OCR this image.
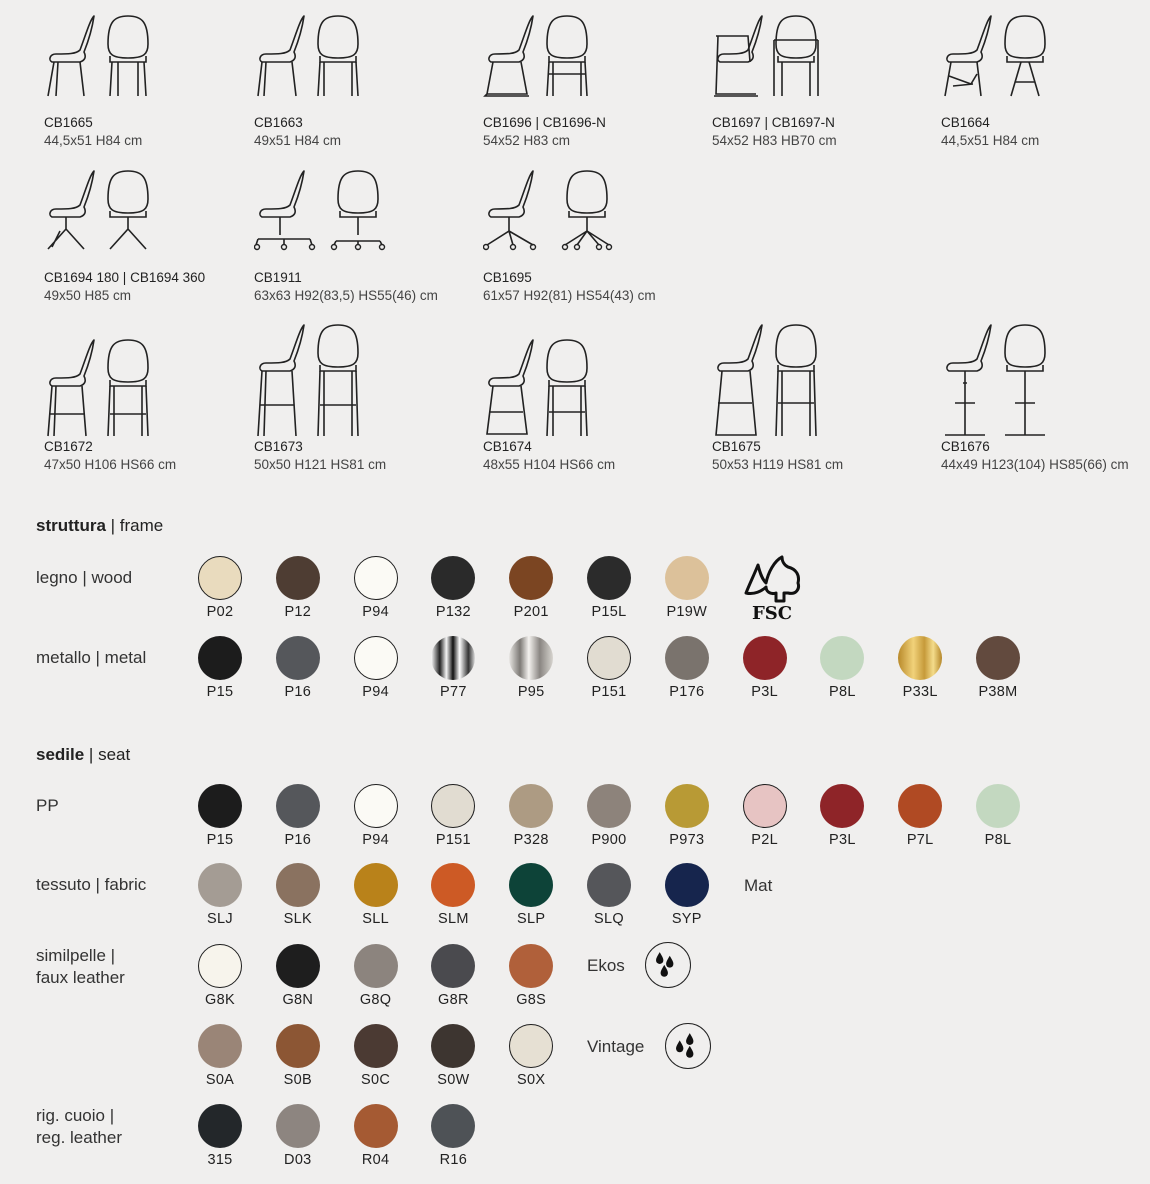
CB1665
44,5x51 H84 cm
CB1663
49x51 H84 cm
CB1696 | CB1696-N
54x52 H83 cm
CB1697 | CB1697-N
54x52 H83 HB70 cm
CB1664
44,5x51 H84 cm
CB1694 180 | CB1694 360
49x50 H85 cm
CB1911
63x63 H92(83,5) HS55(46) cm
CB1695
61x57 H92(81) HS54(43) cm
CB1672
47x50 H106 HS66 cm
CB1673
50x50 H121 HS81 cm
CB1674
48x55 H104 HS66 cm
CB1675
50x53 H119 HS81 cm
CB1676
44x49 H123(104) HS85(66) cm
struttura | frame
legno | wood
P02	P12	P94	P132	P201	P15L	P19W FSC
metallo | metal
P15	P16	P94	P77	P95	P151	P176	P3L	P8L	P33L	P38M
sedile | seat
PP
P15	P16	P94	P151	P328	P900	P973	P2L	P3L	P7L	P8L
tessuto | fabric
SLJ	SLK	SLL	SLM	SLP	SLQ	SYP
Mat
similpelle |
faux leather
G8K	G8N	G8Q	G8R	G8S
Ekos
S0A	S0B	S0C	S0W	S0X
Vintage
rig. cuoio |
reg. leather
315	D03	R04	R16
